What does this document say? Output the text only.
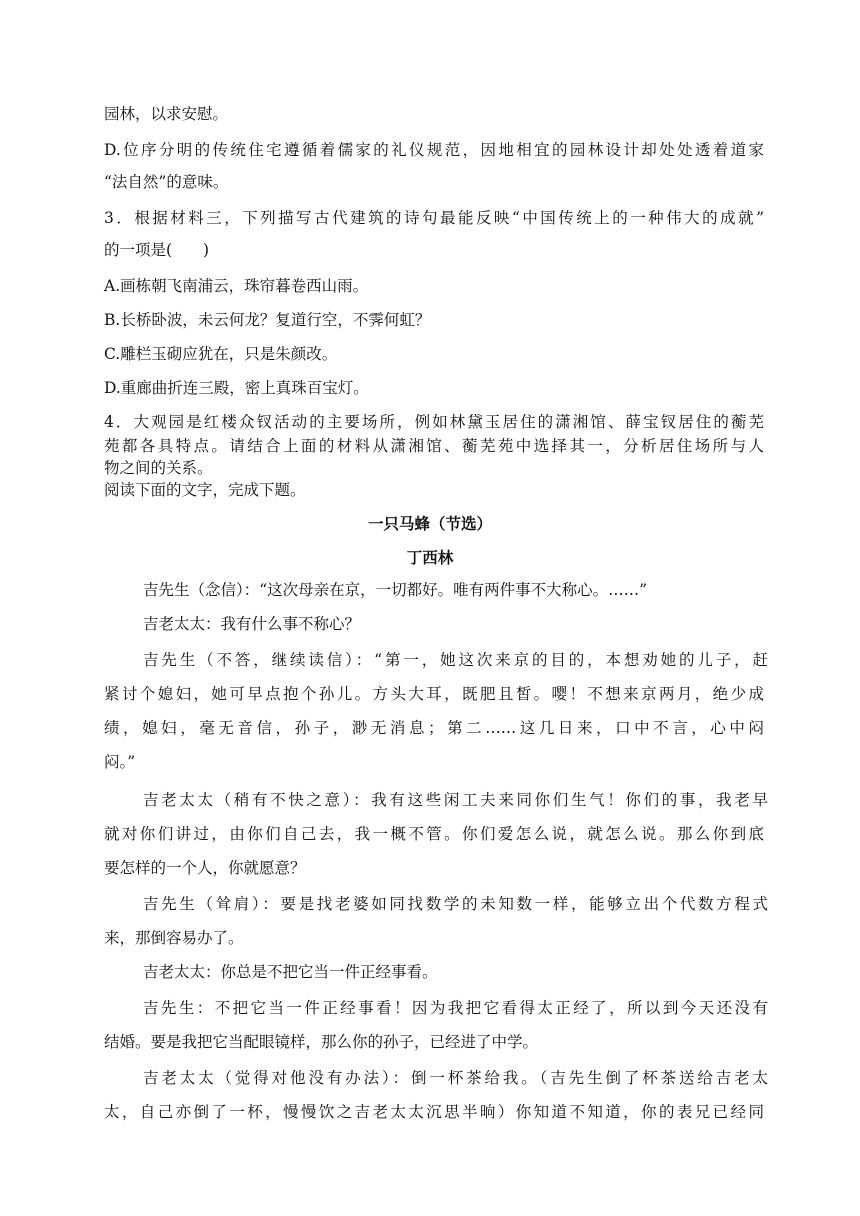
园林，以求安慰。
D.位序分明的传统住宅遵循着儒家的礼仪规范，因地相宜的园林设计却处处透着道家
“法自然”的意味。
3．根据材料三，下列描写古代建筑的诗句最能反映“中国传统上的一种伟大的成就”
的一项是(　　)
A.画栋朝飞南浦云，珠帘暮卷西山雨。
B.长桥卧波，未云何龙？复道行空，不霁何虹？
C.雕栏玉砌应犹在，只是朱颜改。
D.重廊曲折连三殿，密上真珠百宝灯。
4．大观园是红楼众钗活动的主要场所，例如林黛玉居住的潇湘馆、薛宝钗居住的蘅芜
苑都各具特点。请结合上面的材料从潇湘馆、蘅芜苑中选择其一，分析居住场所与人
物之间的关系。
阅读下面的文字，完成下题。
一只马蜂（节选）
丁西林
吉先生（念信）：“这次母亲在京，一切都好。唯有两件事不大称心。……”
吉老太太：我有什么事不称心？
吉先生（不答，继续读信）：“第一，她这次来京的目的，本想劝她的儿子，赶
紧讨个媳妇，她可早点抱个孙儿。方头大耳，既肥且皙。嘤！不想来京两月，绝少成
绩，媳妇，毫无音信，孙子，渺无消息；第二……这几日来，口中不言，心中闷
闷。”
吉老太太（稍有不快之意）：我有这些闲工夫来同你们生气！你们的事，我老早
就对你们讲过，由你们自己去，我一概不管。你们爱怎么说，就怎么说。那么你到底
要怎样的一个人，你就愿意？
吉先生（耸肩）：要是找老婆如同找数学的未知数一样，能够立出个代数方程式
来，那倒容易办了。
吉老太太：你总是不把它当一件正经事看。
吉先生：不把它当一件正经事看！因为我把它看得太正经了，所以到今天还没有
结婚。要是我把它当配眼镜样，那么你的孙子，已经进了中学。
吉老太太（觉得对他没有办法）：倒一杯茶给我。（吉先生倒了杯茶送给吉老太
太，自己亦倒了一杯，慢慢饮之吉老太太沉思半晌）你知道不知道，你的表兄已经同
